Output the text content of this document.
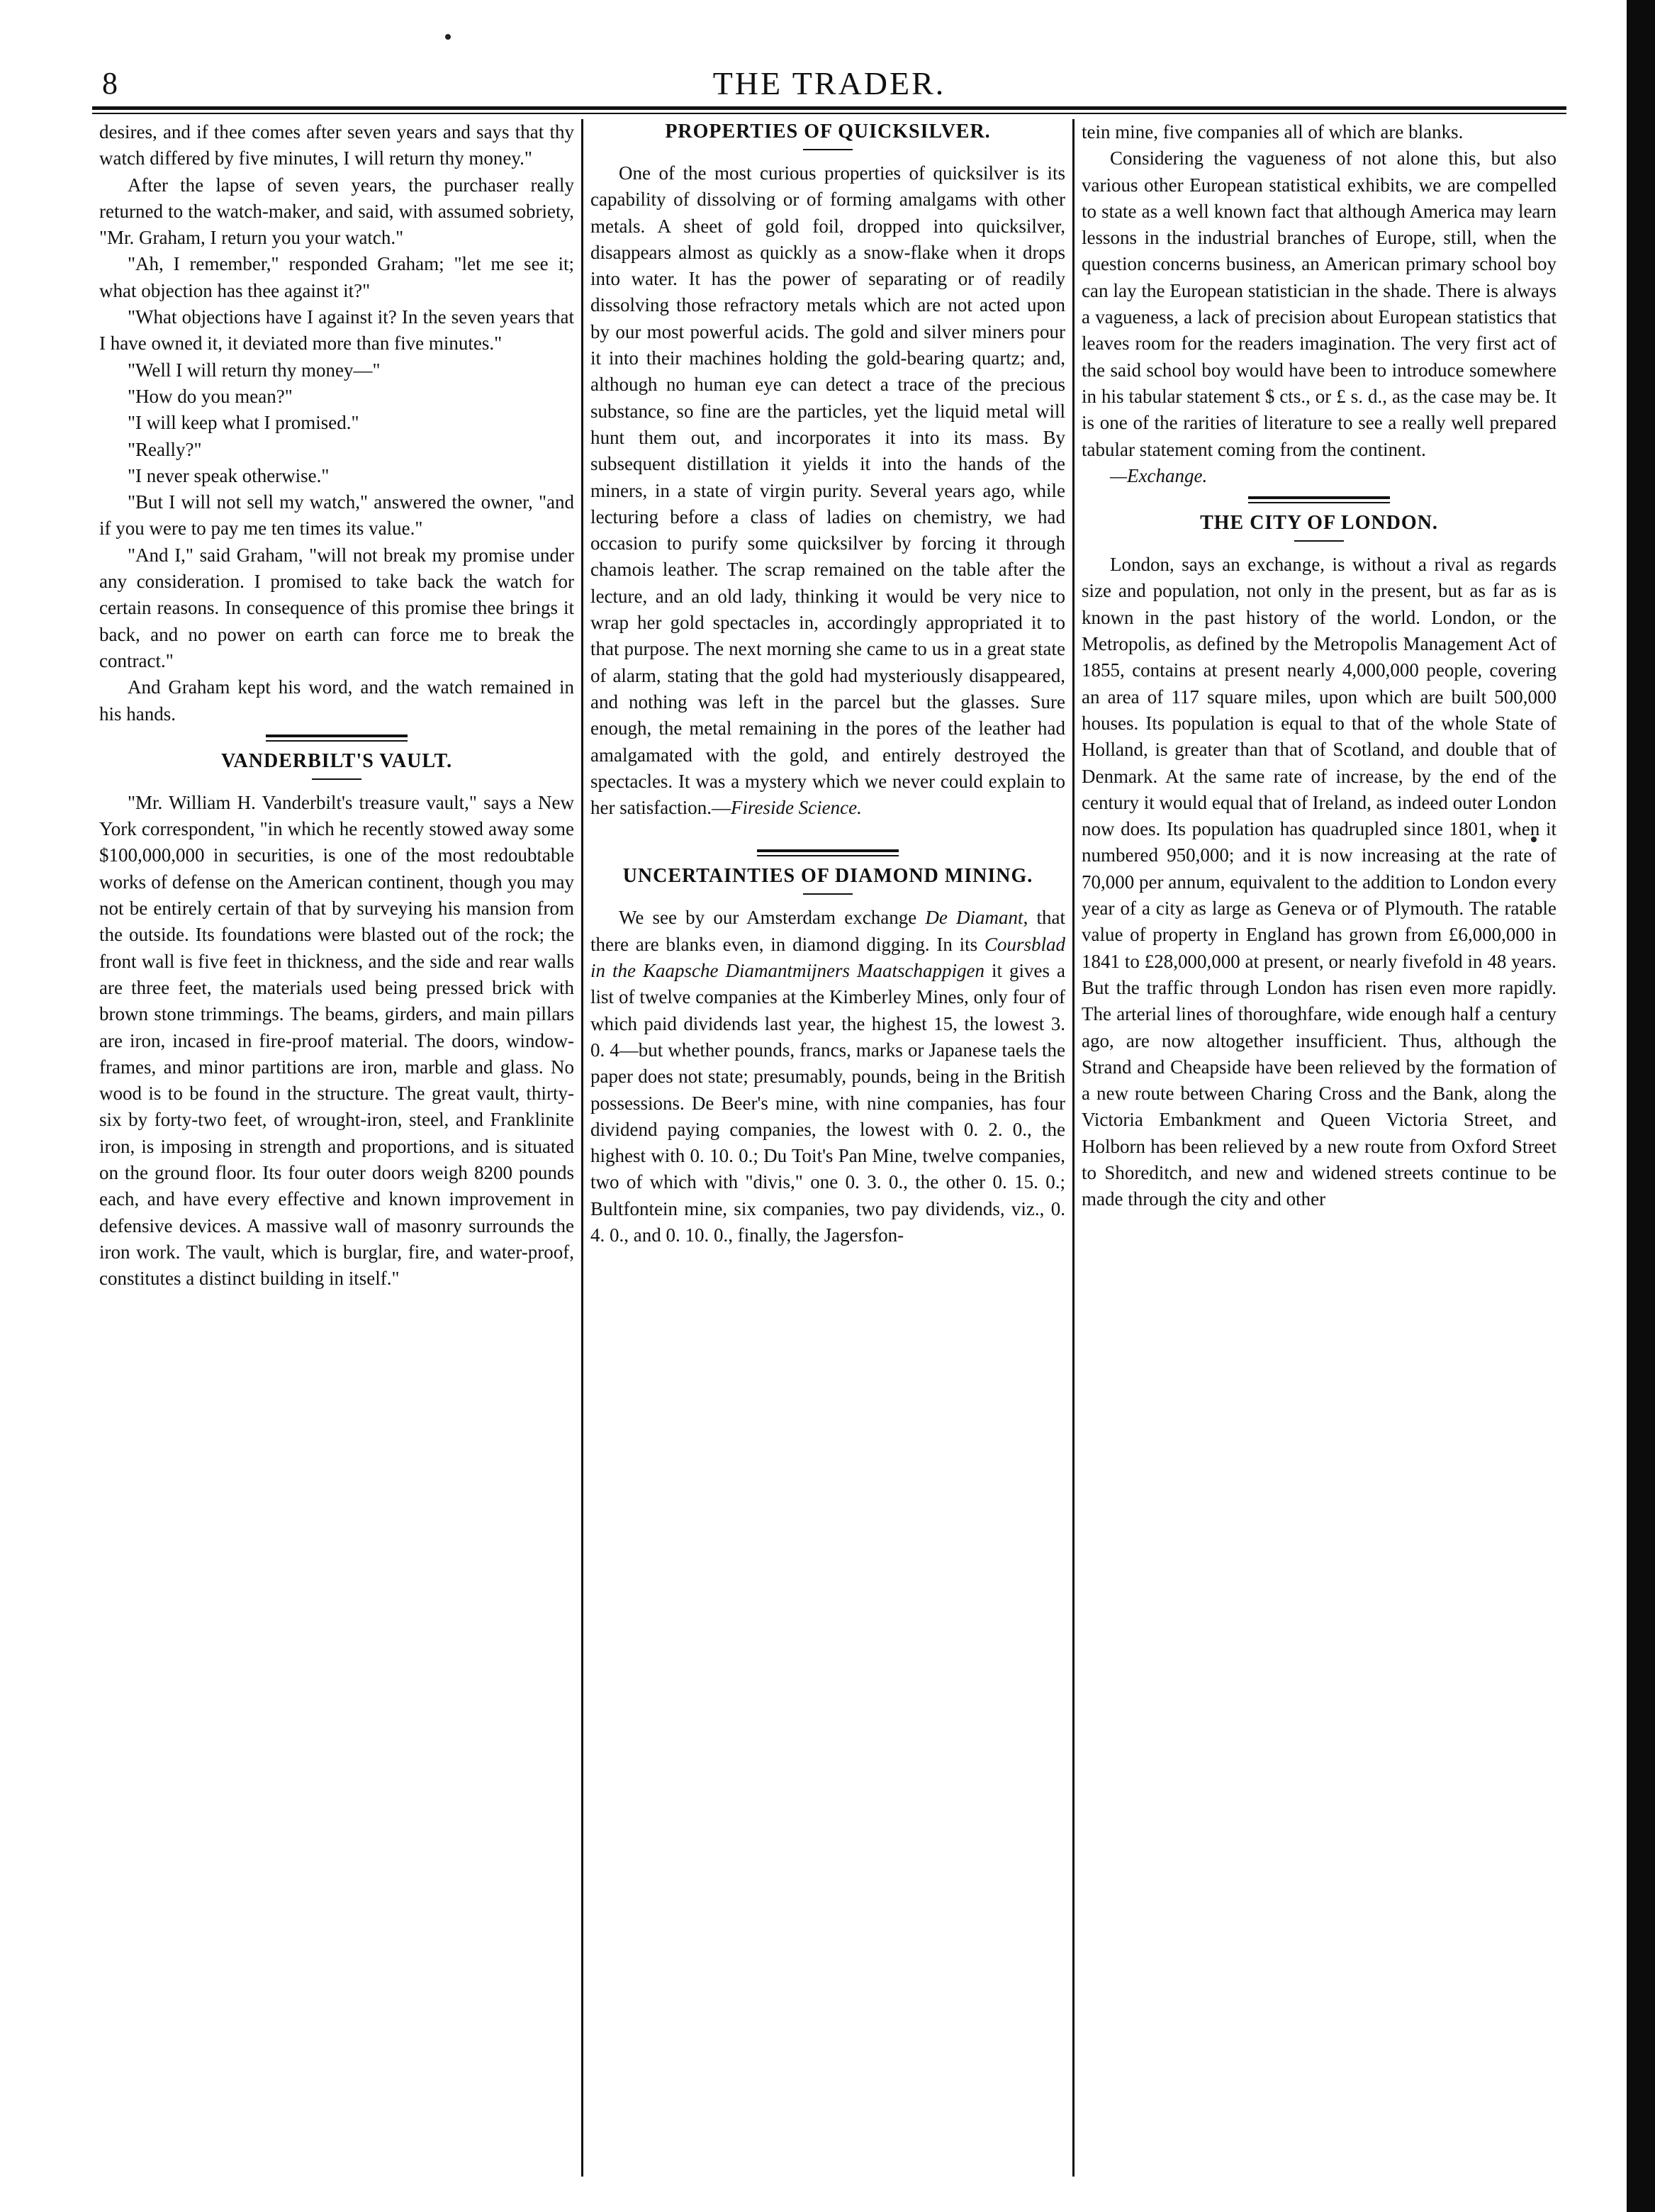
8	THE TRADER.

desires, and if thee comes after seven years and says that thy watch differed by five minutes, I will return thy money."

After the lapse of seven years, the purchaser really returned to the watch-maker, and said, with assumed sobriety, "Mr. Graham, I return you your watch."

"Ah, I remember," responded Graham; "let me see it; what objection has thee against it?"

"What objections have I against it? In the seven years that I have owned it, it deviated more than five minutes."

"Well I will return thy money—"

"How do you mean?"

"I will keep what I promised."

"Really?"

"I never speak otherwise."

"But I will not sell my watch," answered the owner, "and if you were to pay me ten times its value."

"And I," said Graham, "will not break my promise under any consideration. I promised to take back the watch for certain reasons. In consequence of this promise thee brings it back, and no power on earth can force me to break the contract."

And Graham kept his word, and the watch remained in his hands.

VANDERBILT'S VAULT.

"Mr. William H. Vanderbilt's treasure vault," says a New York correspondent, "in which he recently stowed away some $100,000,000 in securities, is one of the most redoubtable works of defense on the American continent, though you may not be entirely certain of that by surveying his mansion from the outside. Its foundations were blasted out of the rock; the front wall is five feet in thickness, and the side and rear walls are three feet, the materials used being pressed brick with brown stone trimmings. The beams, girders, and main pillars are iron, incased in fire-proof material. The doors, window-frames, and minor partitions are iron, marble and glass. No wood is to be found in the structure. The great vault, thirty-six by forty-two feet, of wrought-iron, steel, and Franklinite iron, is imposing in strength and proportions, and is situated on the ground floor. Its four outer doors weigh 8200 pounds each, and have every effective and known improvement in defensive devices. A massive wall of masonry surrounds the iron work. The vault, which is burglar, fire, and water-proof, constitutes a distinct building in itself."

PROPERTIES OF QUICKSILVER.

One of the most curious properties of quicksilver is its capability of dissolving or of forming amalgams with other metals. A sheet of gold foil, dropped into quicksilver, disappears almost as quickly as a snow-flake when it drops into water. It has the power of separating or of readily dissolving those refractory metals which are not acted upon by our most powerful acids. The gold and silver miners pour it into their machines holding the gold-bearing quartz; and, although no human eye can detect a trace of the precious substance, so fine are the particles, yet the liquid metal will hunt them out, and incorporates it into its mass. By subsequent distillation it yields it into the hands of the miners, in a state of virgin purity. Several years ago, while lecturing before a class of ladies on chemistry, we had occasion to purify some quicksilver by forcing it through chamois leather. The scrap remained on the table after the lecture, and an old lady, thinking it would be very nice to wrap her gold spectacles in, accordingly appropriated it to that purpose. The next morning she came to us in a great state of alarm, stating that the gold had mysteriously disappeared, and nothing was left in the parcel but the glasses. Sure enough, the metal remaining in the pores of the leather had amalgamated with the gold, and entirely destroyed the spectacles. It was a mystery which we never could explain to her satisfaction.—Fireside Science.

UNCERTAINTIES OF DIAMOND MINING.

We see by our Amsterdam exchange De Diamant, that there are blanks even, in diamond digging. In its Coursblad in the Kaapsche Diamantmijners Maatschappigen it gives a list of twelve companies at the Kimberley Mines, only four of which paid dividends last year, the highest 15, the lowest 3. 0. 4—but whether pounds, francs, marks or Japanese taels the paper does not state; presumably, pounds, being in the British possessions. De Beer's mine, with nine companies, has four dividend paying companies, the lowest with 0. 2. 0., the highest with 0. 10. 0.; Du Toit's Pan Mine, twelve companies, two of which with "divis," one 0. 3. 0., the other 0. 15. 0.; Bultfontein mine, six companies, two pay dividends, viz., 0. 4. 0., and 0. 10. 0., finally, the Jagersfon-

tein mine, five companies all of which are blanks.

Considering the vagueness of not alone this, but also various other European statistical exhibits, we are compelled to state as a well known fact that although America may learn lessons in the industrial branches of Europe, still, when the question concerns business, an American primary school boy can lay the European statistician in the shade. There is always a vagueness, a lack of precision about European statistics that leaves room for the readers imagination. The very first act of the said school boy would have been to introduce somewhere in his tabular statement $ cts., or £ s. d., as the case may be. It is one of the rarities of literature to see a really well prepared tabular statement coming from the continent.

—Exchange.

THE CITY OF LONDON.

London, says an exchange, is without a rival as regards size and population, not only in the present, but as far as is known in the past history of the world. London, or the Metropolis, as defined by the Metropolis Management Act of 1855, contains at present nearly 4,000,000 people, covering an area of 117 square miles, upon which are built 500,000 houses. Its population is equal to that of the whole State of Holland, is greater than that of Scotland, and double that of Denmark. At the same rate of increase, by the end of the century it would equal that of Ireland, as indeed outer London now does. Its population has quadrupled since 1801, when it numbered 950,000; and it is now increasing at the rate of 70,000 per annum, equivalent to the addition to London every year of a city as large as Geneva or of Plymouth. The ratable value of property in England has grown from £6,000,000 in 1841 to £28,000,000 at present, or nearly fivefold in 48 years. But the traffic through London has risen even more rapidly. The arterial lines of thoroughfare, wide enough half a century ago, are now altogether insufficient. Thus, although the Strand and Cheapside have been relieved by the formation of a new route between Charing Cross and the Bank, along the Victoria Embankment and Queen Victoria Street, and Holborn has been relieved by a new route from Oxford Street to Shoreditch, and new and widened streets continue to be made through the city and other
